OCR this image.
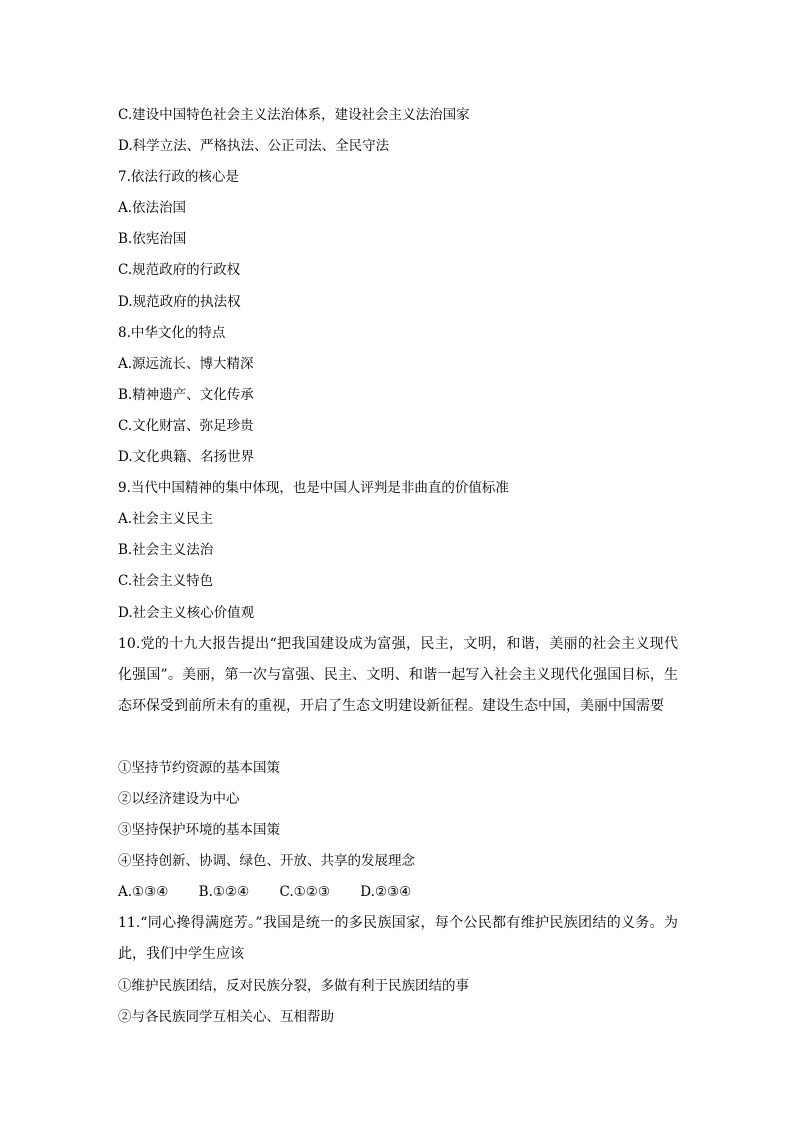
C.建设中国特色社会主义法治体系，建设社会主义法治国家
D.科学立法、严格执法、公正司法、全民守法
7.依法行政的核心是
A.依法治国
B.依宪治国
C.规范政府的行政权
D.规范政府的执法权
8.中华文化的特点
A.源远流长、博大精深
B.精神遗产、文化传承
C.文化财富、弥足珍贵
D.文化典籍、名扬世界
9.当代中国精神的集中体现，也是中国人评判是非曲直的价值标准
A.社会主义民主
B.社会主义法治
C.社会主义特色
D.社会主义核心价值观
10.党的十九大报告提出“把我国建设成为富强，民主，文明，和谐，美丽的社会主义现代化强国”。美丽，第一次与富强、民主、文明、和谐一起写入社会主义现代化强国目标，生态环保受到前所未有的重视，开启了生态文明建设新征程。建设生态中国，美丽中国需要
①坚持节约资源的基本国策
②以经济建设为中心
③坚持保护环境的基本国策
④坚持创新、协调、绿色、开放、共享的发展理念
A.①③④ B.①②④ C.①②③ D.②③④
11.“同心搀得满庭芳。”我国是统一的多民族国家，每个公民都有维护民族团结的义务。为此，我们中学生应该
①维护民族团结，反对民族分裂，多做有利于民族团结的事
②与各民族同学互相关心、互相帮助
